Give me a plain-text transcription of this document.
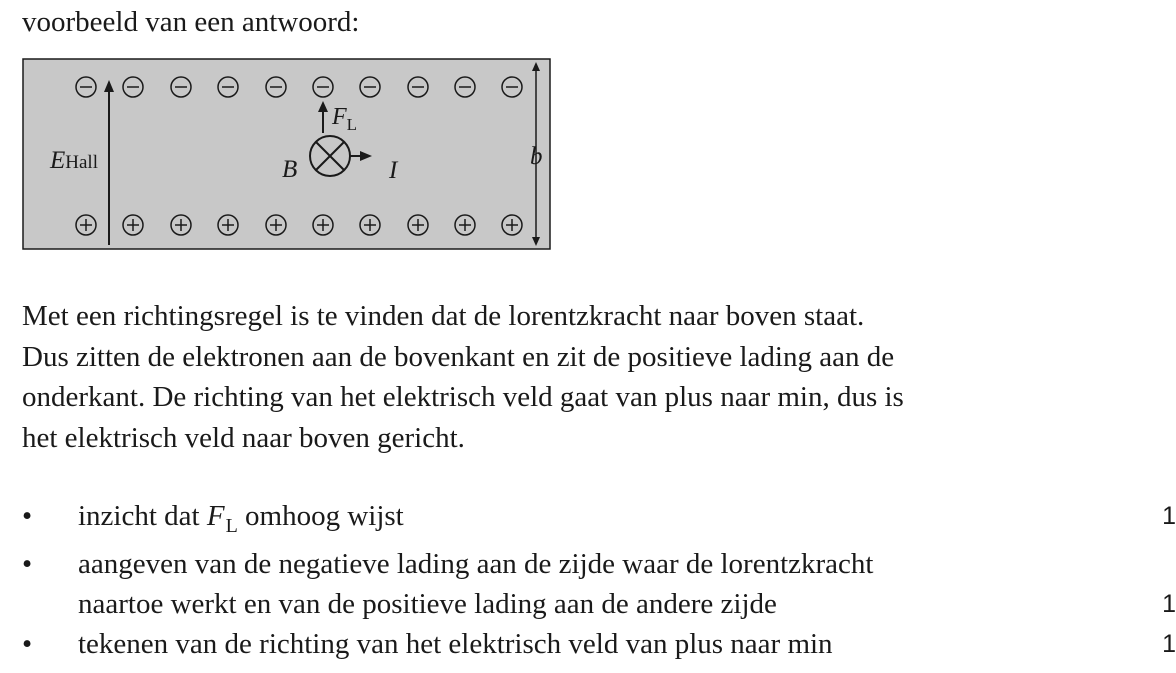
voorbeeld van een antwoord:
EHall	B
$F_L$
I
b
Met een richtingsregel is te vinden dat de lorentzkracht naar boven staat.
Dus zitten de elektronen aan de bovenkant en zit de positieve lading aan de
onderkant. De richting van het elektrisch veld gaat van plus naar min, dus is
het elektrisch veld naar boven gericht.
• inzicht dat $F_L$ omhoog wijst	1
• aangeven van de negatieve lading aan de zijde waar de lorentzkracht
naartoe werkt en van de positieve lading aan de andere zijde	1
• tekenen van de richting van het elektrisch veld van plus naar min	1
